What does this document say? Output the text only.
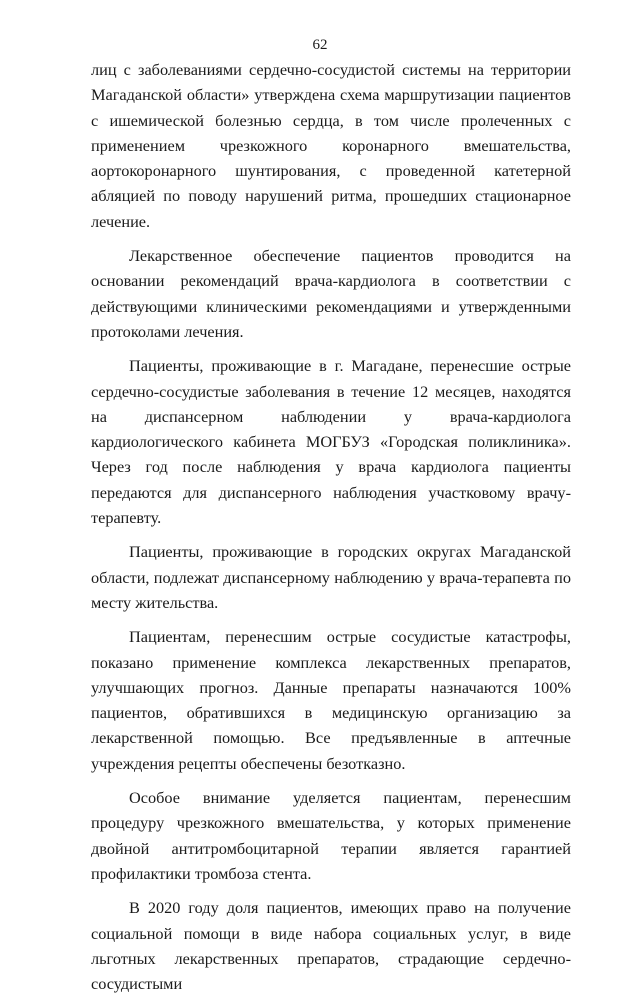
62

лиц с заболеваниями сердечно-сосудистой системы на территории Магаданской области» утверждена схема маршрутизации пациентов с ишемической болезнью сердца, в том числе пролеченных с применением чрезкожного коронарного вмешательства, аортокоронарного шунтирования, с проведенной катетерной абляцией по поводу нарушений ритма, прошедших стационарное лечение.

Лекарственное обеспечение пациентов проводится на основании рекомендаций врача-кардиолога в соответствии с действующими клиническими рекомендациями и утвержденными протоколами лечения.

Пациенты, проживающие в г. Магадане, перенесшие острые сердечно-сосудистые заболевания в течение 12 месяцев, находятся на диспансерном наблюдении у врача-кардиолога кардиологического кабинета МОГБУЗ «Городская поликлиника». Через год после наблюдения у врача кардиолога пациенты передаются для диспансерного наблюдения участковому врачу-терапевту.

Пациенты, проживающие в городских округах Магаданской области, подлежат диспансерному наблюдению у врача-терапевта по месту жительства.

Пациентам, перенесшим острые сосудистые катастрофы, показано применение комплекса лекарственных препаратов, улучшающих прогноз. Данные препараты назначаются 100% пациентов, обратившихся в медицинскую организацию за лекарственной помощью. Все предъявленные в аптечные учреждения рецепты обеспечены безотказно.

Особое внимание уделяется пациентам, перенесшим процедуру чрезкожного вмешательства, у которых применение двойной антитромбоцитарной терапии является гарантией профилактики тромбоза стента.

В 2020 году доля пациентов, имеющих право на получение социальной помощи в виде набора социальных услуг, в виде льготных лекарственных препаратов, страдающие сердечно-сосудистыми
